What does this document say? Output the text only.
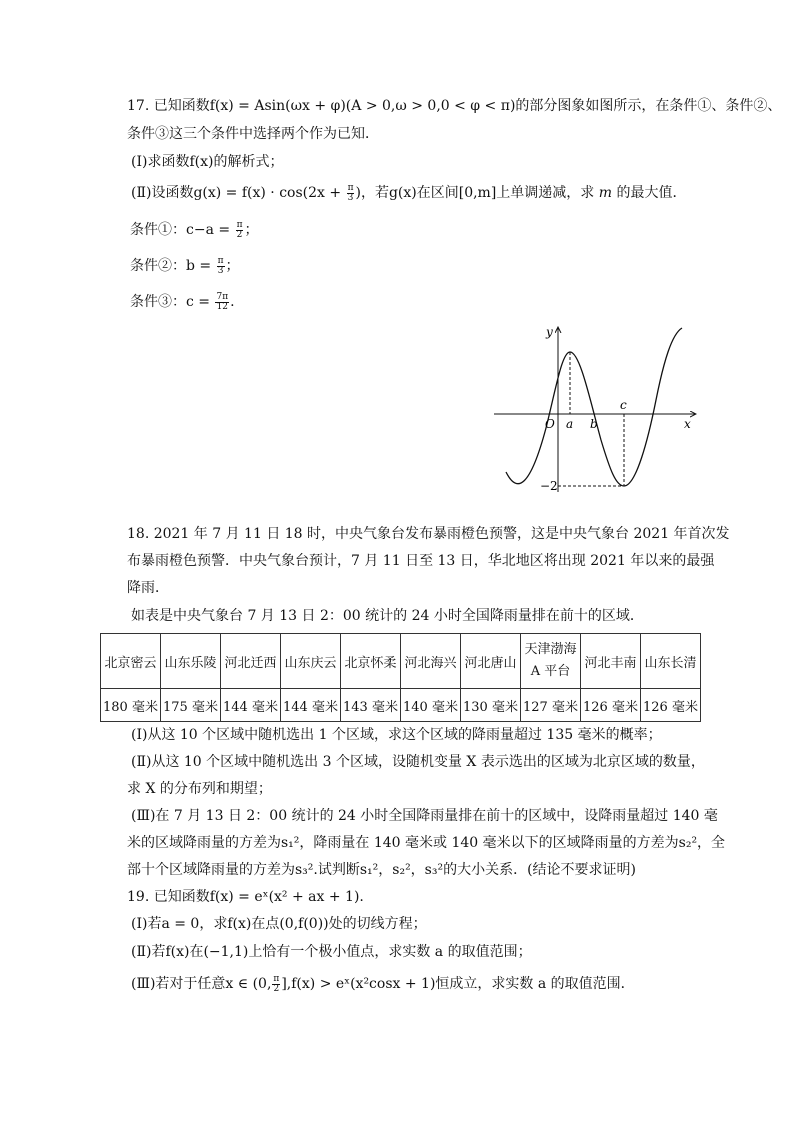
17. 已知函数f(x) = Asin(ωx + φ)(A > 0,ω > 0,0 < φ < π)的部分图象如图所示，在条件①、条件②、
条件③这三个条件中选择两个作为已知．
(Ⅰ)求函数f(x)的解析式；
(Ⅱ)设函数$g(x) = f(x) \cdot \cos(2x + \frac{\pi}{3}$ )，若g(x)在区间[0,m]上单调递减，求 m 的最大值．
条件①：$c-a = \frac{\pi}{2}$ ；
条件②：$b = \frac{\pi}{3}$ ；
条件③：$c = \frac{7\pi}{12}$ .
y
x
O a b
c
−2
18. 2021 年 7 月 11 日 18 时，中央气象台发布暴雨橙色预警，这是中央气象台 2021 年首次发
布暴雨橙色预警．中央气象台预计，7 月 11 日至 13 日，华北地区将出现 2021 年以来的最强
降雨．
如表是中央气象台 7 月 13 日 2：00 统计的 24 小时全国降雨量排在前十的区域．
北京密云	山东乐陵	河北迁西	山东庆云	北京怀柔	河北海兴	河北唐山	天津渤海
A 平台	河北丰南	山东长清
180 毫米	175 毫米	144 毫米	144 毫米	143 毫米	140 毫米	130 毫米	127 毫米	126 毫米	126 毫米
(Ⅰ)从这 10 个区域中随机选出 1 个区域，求这个区域的降雨量超过 135 毫米的概率；
(Ⅱ)从这 10 个区域中随机选出 3 个区域，设随机变量 X 表示选出的区域为北京区域的数量，
求 X 的分布列和期望；
(Ⅲ)在 7 月 13 日 2：00 统计的 24 小时全国降雨量排在前十的区域中，设降雨量超过 140 毫
米的区域降雨量的方差为s₁²，降雨量在 140 毫米或 140 毫米以下的区域降雨量的方差为s₂²，全
部十个区域降雨量的方差为s₃².试判断s₁²，s₂²，s₃²的大小关系．(结论不要求证明)
19. 已知函数f(x) = eˣ(x² + ax + 1).
(Ⅰ)若a = 0，求f(x)在点(0,f(0))处的切线方程；
(Ⅱ)若f(x)在(−1,1)上恰有一个极小值点，求实数 a 的取值范围；
(Ⅲ)若对于任意x ∈ (0, $\frac{\pi}{2} ],f(x)$ > eˣ(x²cosx + 1)恒成立，求实数 a 的取值范围．
